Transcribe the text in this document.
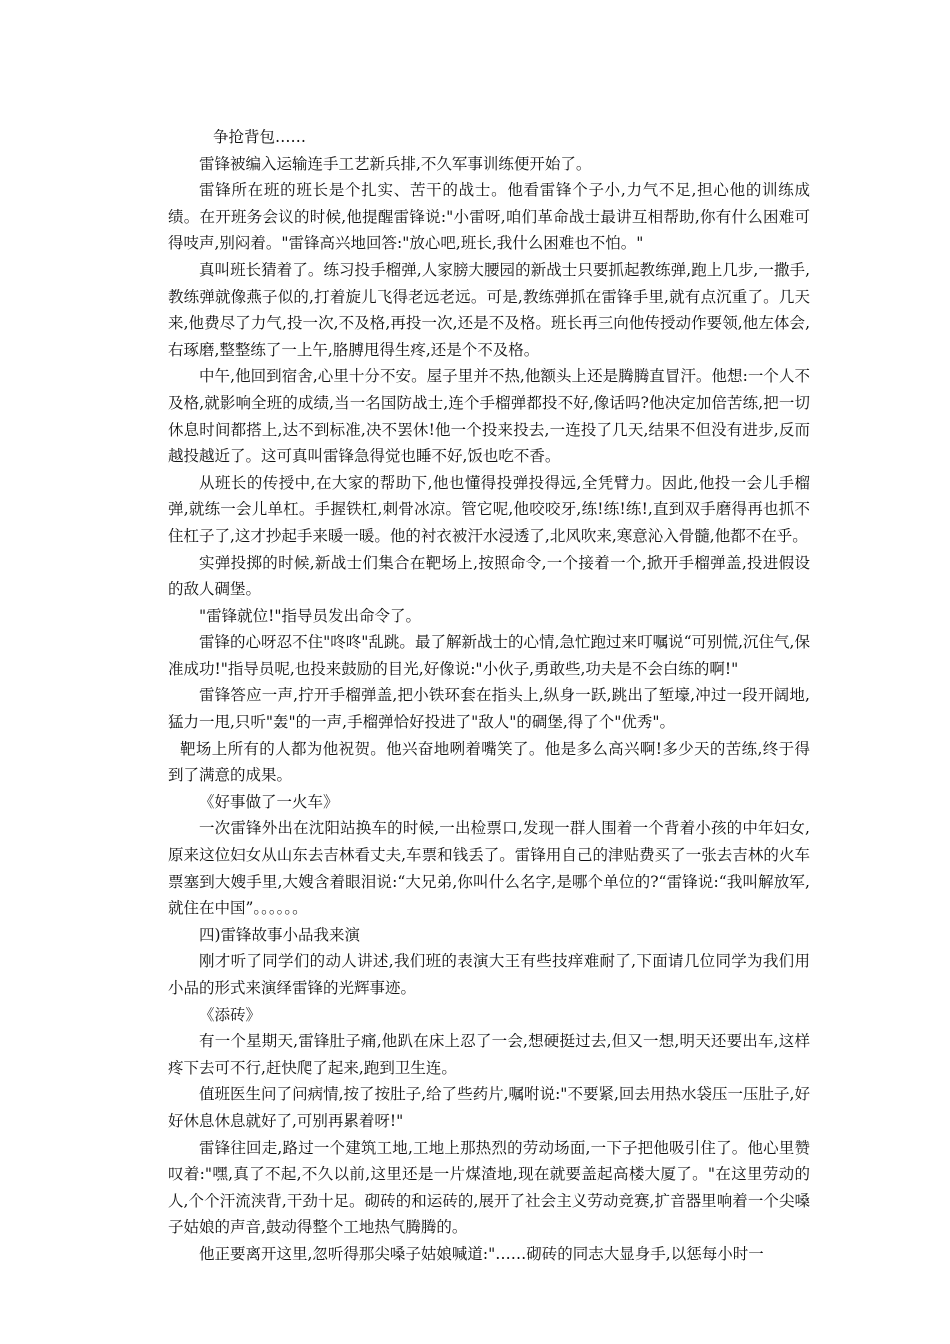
争抢背包……

雷锋被编入运输连手工艺新兵排,不久军事训练便开始了。

雷锋所在班的班长是个扎实、苦干的战士。他看雷锋个子小,力气不足,担心他的训练成绩。在开班务会议的时候,他提醒雷锋说:"小雷呀,咱们革命战士最讲互相帮助,你有什么困难可得吱声,别闷着。"雷锋高兴地回答:"放心吧,班长,我什么困难也不怕。"

真叫班长猜着了。练习投手榴弹,人家膀大腰园的新战士只要抓起教练弹,跑上几步,一撒手,教练弹就像燕子似的,打着旋儿飞得老远老远。可是,教练弹抓在雷锋手里,就有点沉重了。几天来,他费尽了力气,投一次,不及格,再投一次,还是不及格。班长再三向他传授动作要领,他左体会,右琢磨,整整练了一上午,胳膊甩得生疼,还是个不及格。

中午,他回到宿舍,心里十分不安。屋子里并不热,他额头上还是腾腾直冒汗。他想:一个人不及格,就影响全班的成绩,当一名国防战士,连个手榴弹都投不好,像话吗?他决定加倍苦练,把一切休息时间都搭上,达不到标准,决不罢休!他一个投来投去,一连投了几天,结果不但没有进步,反而越投越近了。这可真叫雷锋急得觉也睡不好,饭也吃不香。

从班长的传授中,在大家的帮助下,他也懂得投弹投得远,全凭臂力。因此,他投一会儿手榴弹,就练一会儿单杠。手握铁杠,刺骨冰凉。管它呢,他咬咬牙,练!练!练!,直到双手磨得再也抓不住杠子了,这才抄起手来暖一暖。他的衬衣被汗水浸透了,北风吹来,寒意沁入骨髓,他都不在乎。

实弹投掷的时候,新战士们集合在靶场上,按照命令,一个接着一个,掀开手榴弹盖,投进假设的敌人碉堡。

"雷锋就位!"指导员发出命令了。

雷锋的心呀忍不住"咚咚"乱跳。最了解新战士的心情,急忙跑过来叮嘱说“可别慌,沉住气,保准成功!"指导员呢,也投来鼓励的目光,好像说:"小伙子,勇敢些,功夫是不会白练的啊!"

雷锋答应一声,拧开手榴弹盖,把小铁环套在指头上,纵身一跃,跳出了堑壕,冲过一段开阔地,猛力一甩,只听"轰"的一声,手榴弹恰好投进了"敌人"的碉堡,得了个"优秀"。

靶场上所有的人都为他祝贺。他兴奋地咧着嘴笑了。他是多么高兴啊!多少天的苦练,终于得到了满意的成果。

《好事做了一火车》

一次雷锋外出在沈阳站换车的时候,一出检票口,发现一群人围着一个背着小孩的中年妇女,原来这位妇女从山东去吉林看丈夫,车票和钱丢了。雷锋用自己的津贴费买了一张去吉林的火车票塞到大嫂手里,大嫂含着眼泪说:“大兄弟,你叫什么名字,是哪个单位的?“雷锋说:“我叫解放军,就住在中国”。。。。。。

四)雷锋故事小品我来演

刚才听了同学们的动人讲述,我们班的表演大王有些技痒难耐了,下面请几位同学为我们用小品的形式来演绎雷锋的光辉事迹。

《添砖》

有一个星期天,雷锋肚子痛,他趴在床上忍了一会,想硬挺过去,但又一想,明天还要出车,这样疼下去可不行,赶快爬了起来,跑到卫生连。

值班医生问了问病情,按了按肚子,给了些药片,嘱咐说:"不要紧,回去用热水袋压一压肚子,好好休息休息就好了,可别再累着呀!"

雷锋往回走,路过一个建筑工地,工地上那热烈的劳动场面,一下子把他吸引住了。他心里赞叹着:"嘿,真了不起,不久以前,这里还是一片煤渣地,现在就要盖起高楼大厦了。"在这里劳动的人,个个汗流浃背,干劲十足。砌砖的和运砖的,展开了社会主义劳动竞赛,扩音器里响着一个尖嗓子姑娘的声音,鼓动得整个工地热气腾腾的。

他正要离开这里,忽听得那尖嗓子姑娘喊道:"……砌砖的同志大显身手,以惩每小时一
